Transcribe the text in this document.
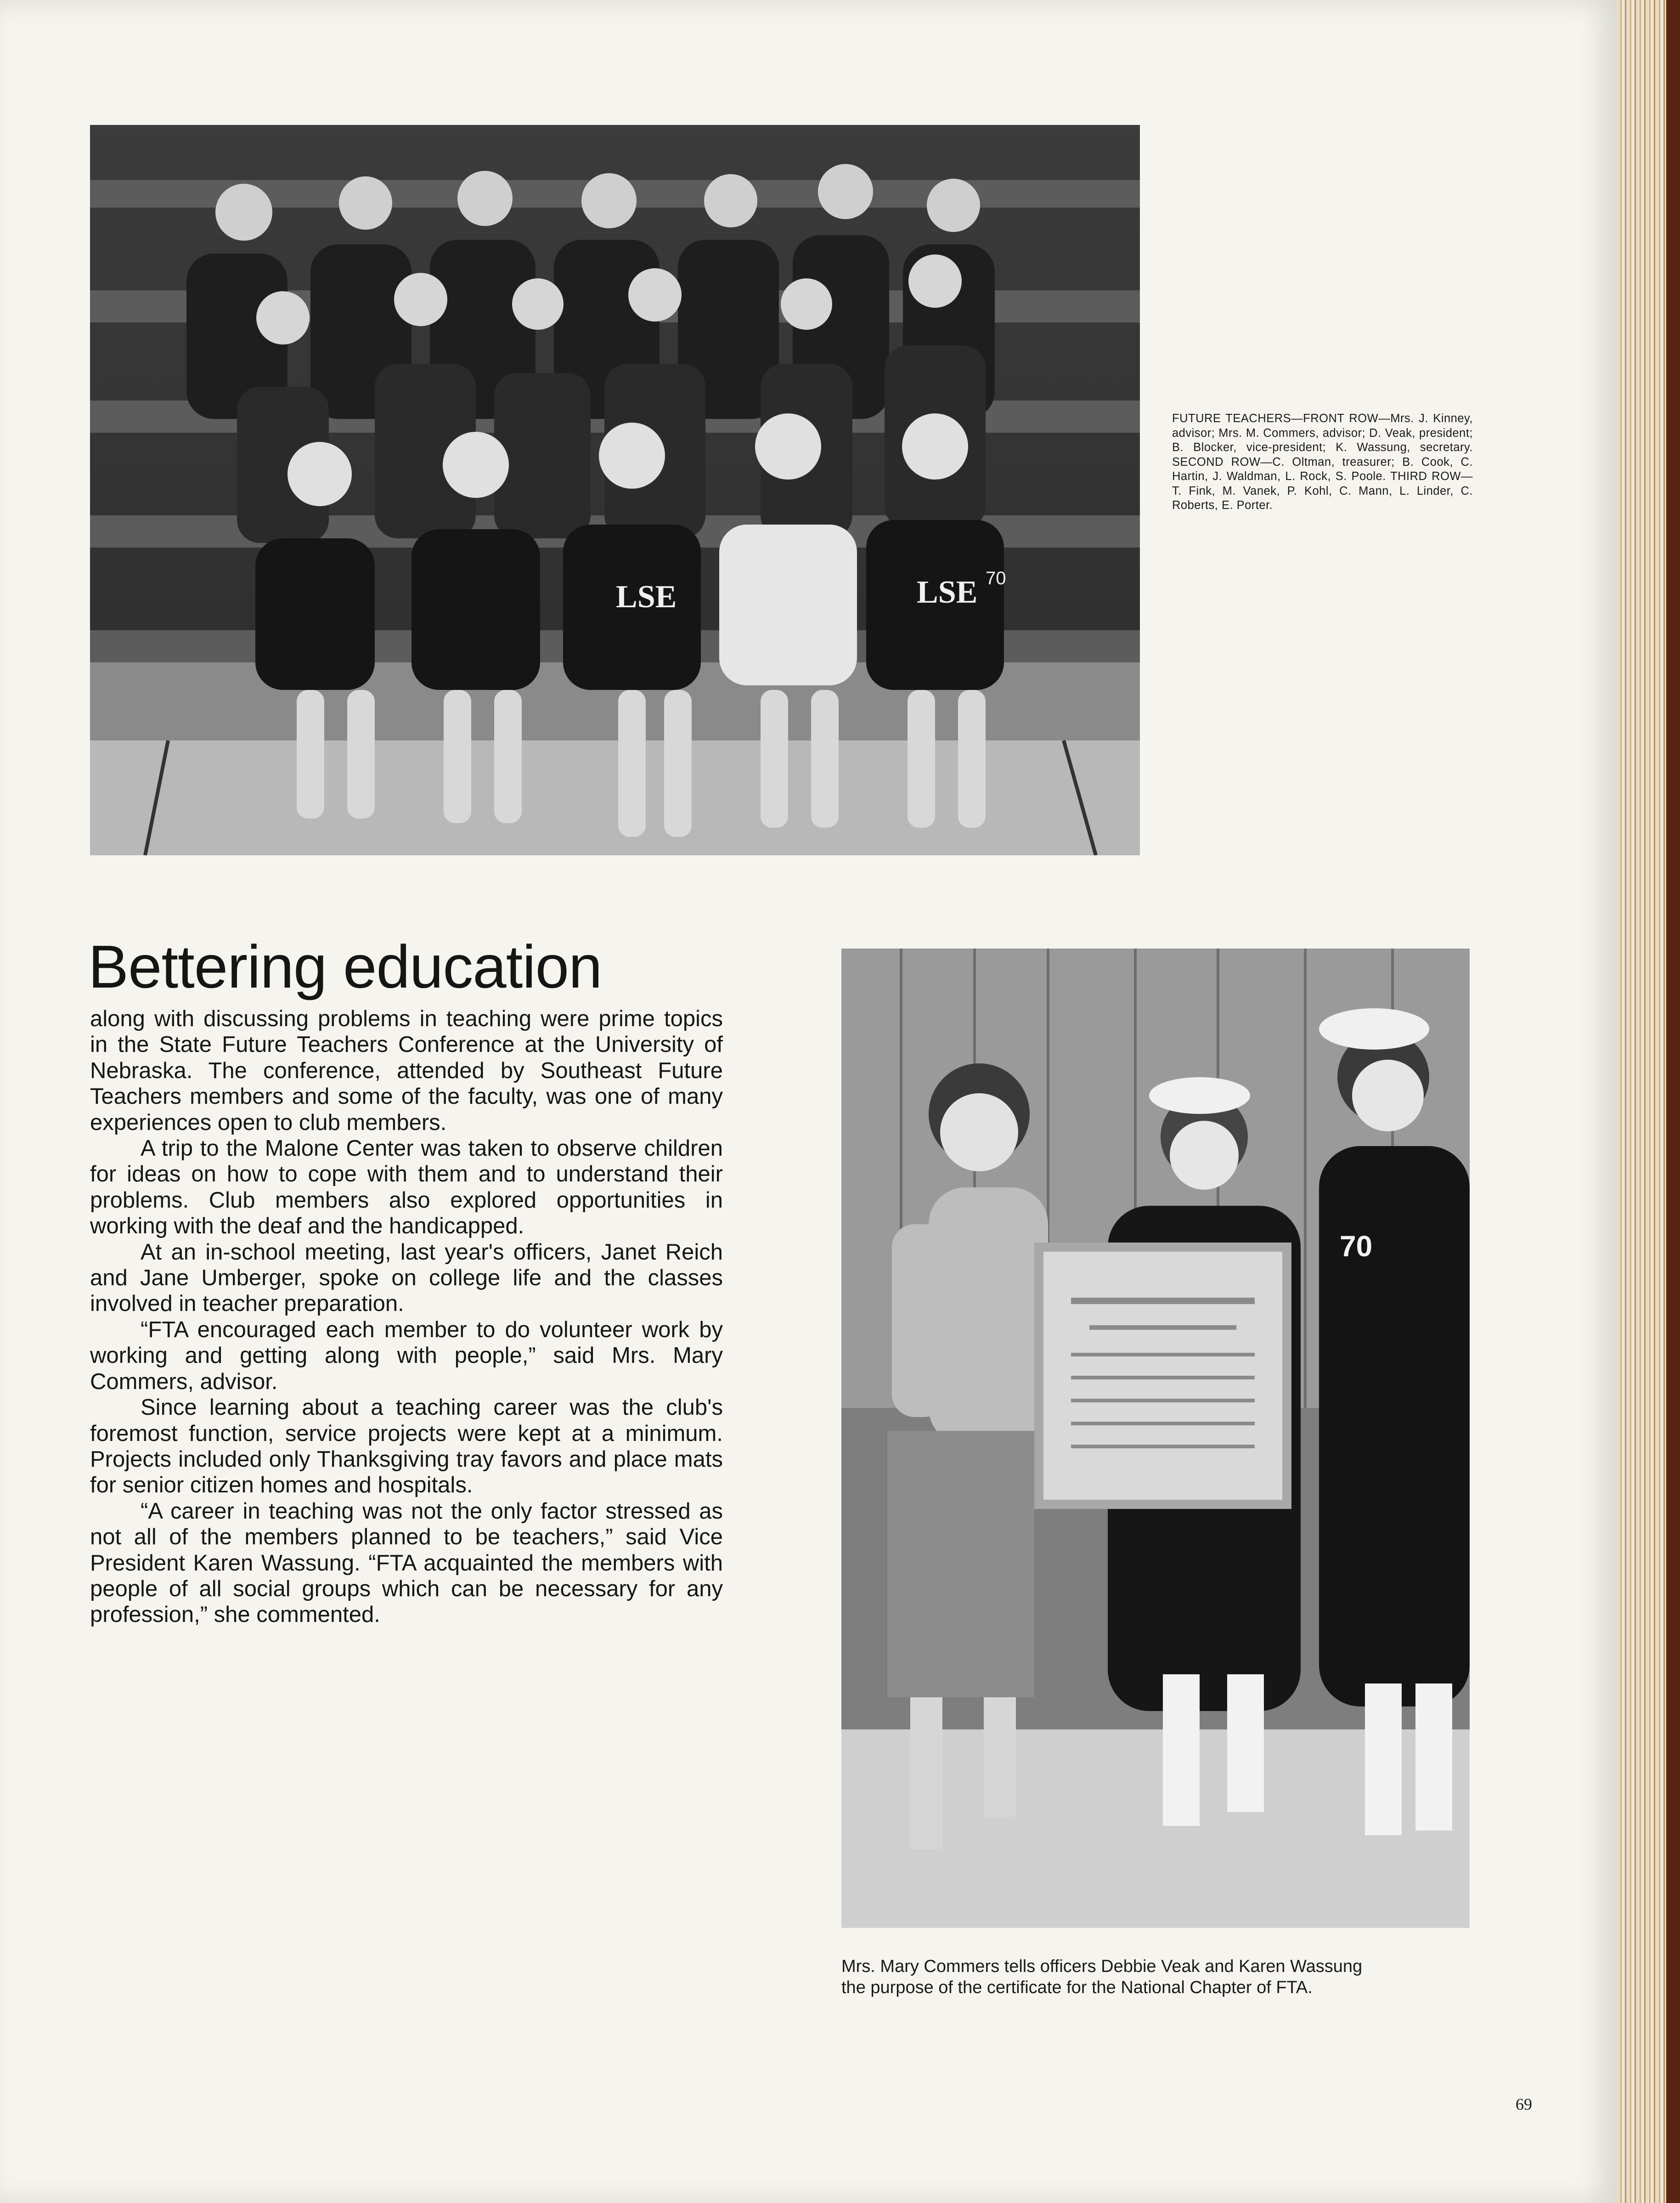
LSE	LSE 70
FUTURE TEACHERS—FRONT ROW—Mrs. J. Kinney, advisor; Mrs. M. Commers, advisor; D. Veak, president; B. Blocker, vice-president; K. Wassung, secretary. SECOND ROW—C. Oltman, treasurer; B. Cook, C. Hartin, J. Waldman, L. Rock, S. Poole. THIRD ROW—T. Fink, M. Vanek, P. Kohl, C. Mann, L. Linder, C. Roberts, E. Porter.
Bettering education

along with discussing problems in teaching were prime topics in the State Future Teachers Conference at the University of Nebraska. The conference, attended by Southeast Future Teachers members and some of the faculty, was one of many experiences open to club members.

A trip to the Malone Center was taken to observe children for ideas on how to cope with them and to understand their problems. Club members also explored opportunities in working with the deaf and the handicapped.

At an in-school meeting, last year's officers, Janet Reich and Jane Umberger, spoke on college life and the classes involved in teacher preparation.

“FTA encouraged each member to do volunteer work by working and getting along with people,” said Mrs. Mary Commers, advisor.

Since learning about a teaching career was the club's foremost function, service projects were kept at a minimum. Projects included only Thanksgiving tray favors and place mats for senior citizen homes and hospitals.

“A career in teaching was not the only factor stressed as not all of the members planned to be teachers,” said Vice President Karen Wassung. “FTA acquainted the members with people of all social groups which can be necessary for any profession,” she commented.

70
Mrs. Mary Commers tells officers Debbie Veak and Karen Wassung
the purpose of the certificate for the National Chapter of FTA.
69
